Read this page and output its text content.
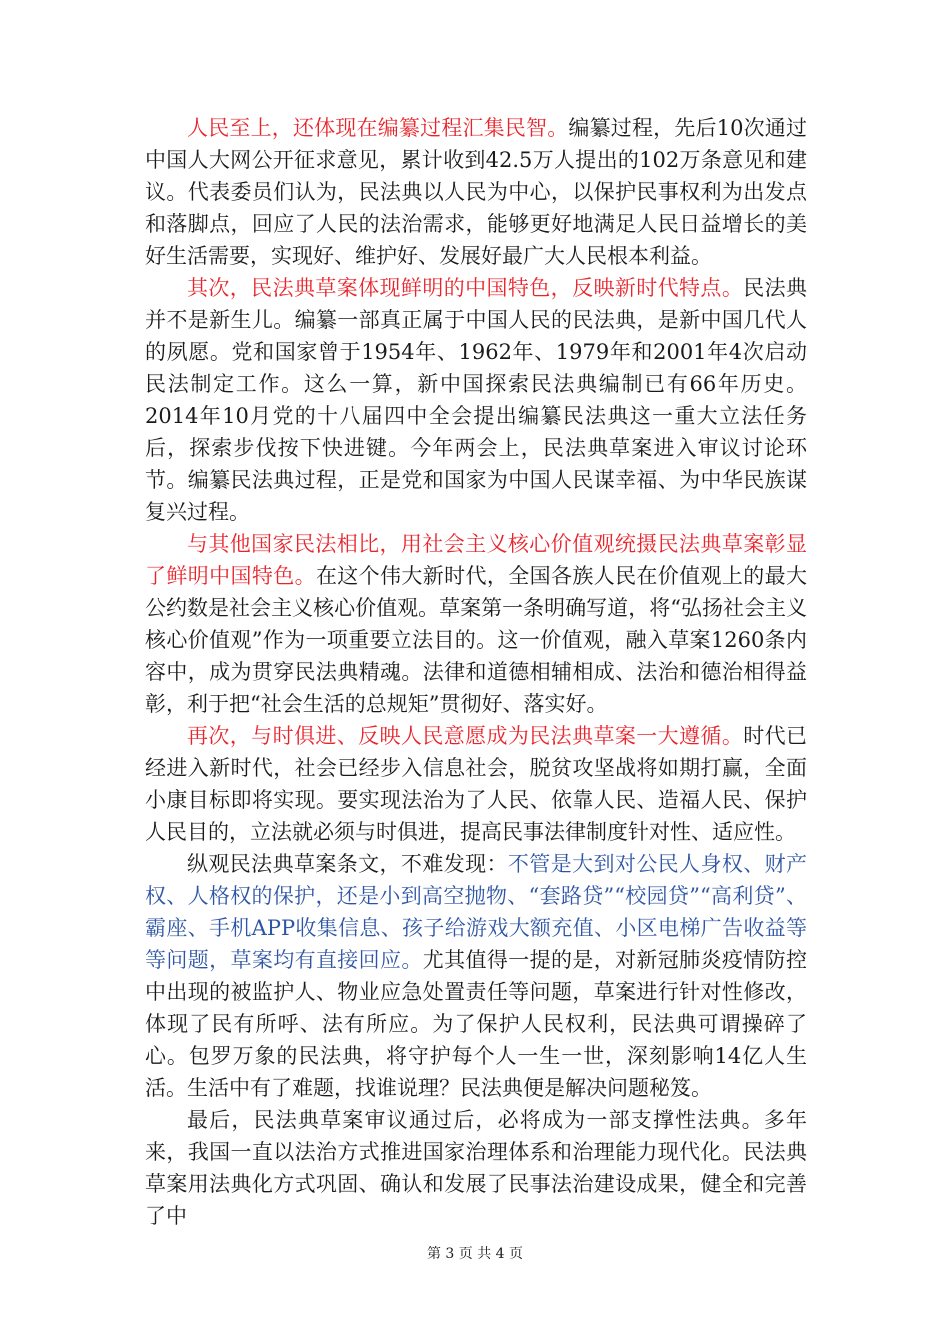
人民至上，还体现在编纂过程汇集民智。编纂过程，先后10次通过中国人大网公开征求意见，累计收到42.5万人提出的102万条意见和建议。代表委员们认为，民法典以人民为中心，以保护民事权利为出发点和落脚点，回应了人民的法治需求，能够更好地满足人民日益增长的美好生活需要，实现好、维护好、发展好最广大人民根本利益。

其次，民法典草案体现鲜明的中国特色，反映新时代特点。民法典并不是新生儿。编纂一部真正属于中国人民的民法典，是新中国几代人的夙愿。党和国家曾于1954年、1962年、1979年和2001年4次启动民法制定工作。这么一算，新中国探索民法典编制已有66年历史。2014年10月党的十八届四中全会提出编纂民法典这一重大立法任务后，探索步伐按下快进键。今年两会上，民法典草案进入审议讨论环节。编纂民法典过程，正是党和国家为中国人民谋幸福、为中华民族谋复兴过程。

与其他国家民法相比，用社会主义核心价值观统摄民法典草案彰显了鲜明中国特色。在这个伟大新时代，全国各族人民在价值观上的最大公约数是社会主义核心价值观。草案第一条明确写道，将“弘扬社会主义核心价值观”作为一项重要立法目的。这一价值观，融入草案1260条内容中，成为贯穿民法典精魂。法律和道德相辅相成、法治和德治相得益彰，利于把“社会生活的总规矩”贯彻好、落实好。

再次，与时俱进、反映人民意愿成为民法典草案一大遵循。时代已经进入新时代，社会已经步入信息社会，脱贫攻坚战将如期打赢，全面小康目标即将实现。要实现法治为了人民、依靠人民、造福人民、保护人民目的，立法就必须与时俱进，提高民事法律制度针对性、适应性。

纵观民法典草案条文，不难发现：不管是大到对公民人身权、财产权、人格权的保护，还是小到高空抛物、“套路贷”“校园贷”“高利贷”、霸座、手机APP收集信息、孩子给游戏大额充值、小区电梯广告收益等等问题，草案均有直接回应。尤其值得一提的是，对新冠肺炎疫情防控中出现的被监护人、物业应急处置责任等问题，草案进行针对性修改，体现了民有所呼、法有所应。为了保护人民权利，民法典可谓操碎了心。包罗万象的民法典，将守护每个人一生一世，深刻影响14亿人生活。生活中有了难题，找谁说理？民法典便是解决问题秘笈。

最后，民法典草案审议通过后，必将成为一部支撑性法典。多年来，我国一直以法治方式推进国家治理体系和治理能力现代化。民法典草案用法典化方式巩固、确认和发展了民事法治建设成果，健全和完善了中

第 3 页 共 4 页
